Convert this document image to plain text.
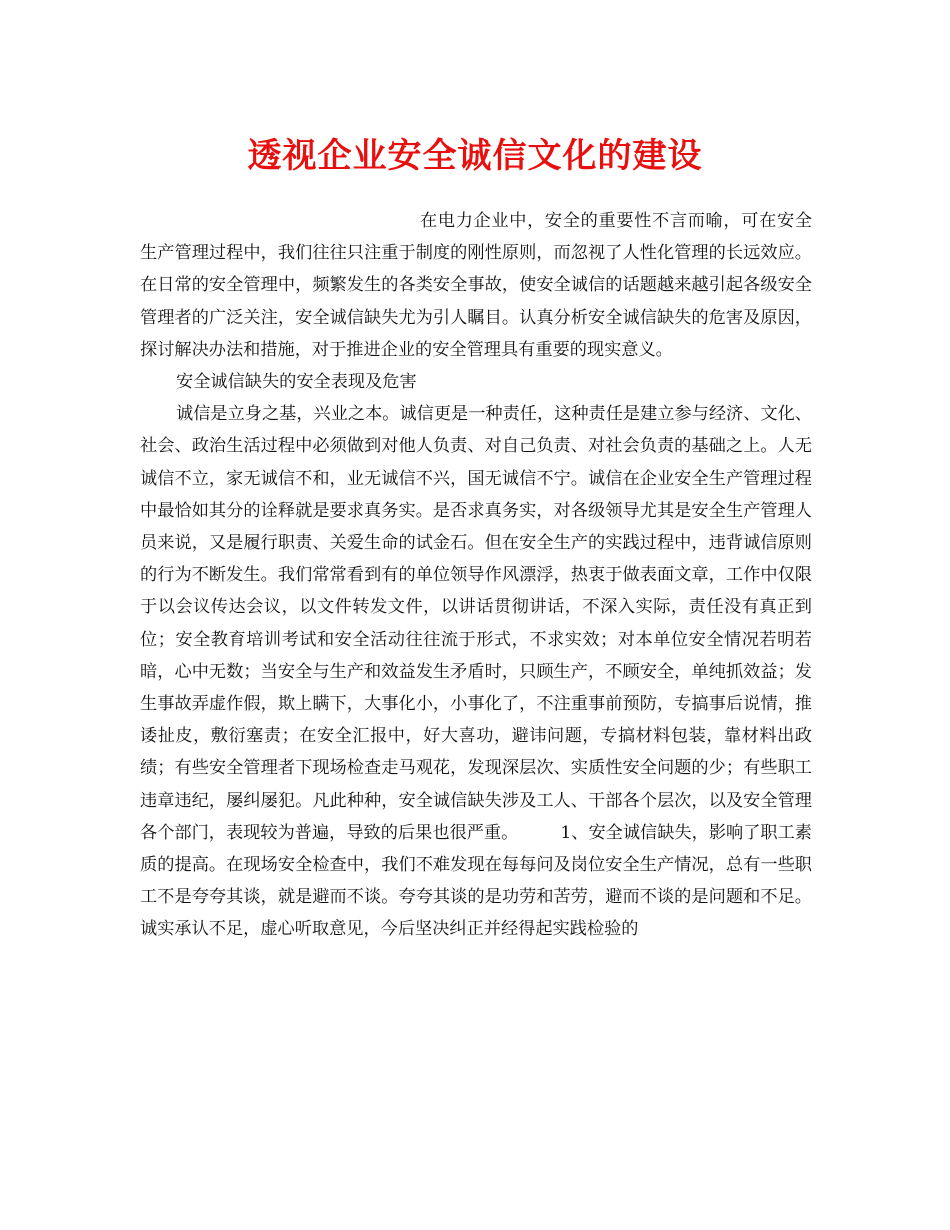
透视企业安全诚信文化的建设

在电力企业中，安全的重要性不言而喻，可在安全生产管理过程中，我们往往只注重于制度的刚性原则，而忽视了人性化管理的长远效应。在日常的安全管理中，频繁发生的各类安全事故，使安全诚信的话题越来越引起各级安全管理者的广泛关注，安全诚信缺失尤为引人瞩目。认真分析安全诚信缺失的危害及原因，探讨解决办法和措施，对于推进企业的安全管理具有重要的现实意义。

安全诚信缺失的安全表现及危害

诚信是立身之基，兴业之本。诚信更是一种责任，这种责任是建立参与经济、文化、社会、政治生活过程中必须做到对他人负责、对自己负责、对社会负责的基础之上。人无诚信不立，家无诚信不和，业无诚信不兴，国无诚信不宁。诚信在企业安全生产管理过程中最恰如其分的诠释就是要求真务实。是否求真务实，对各级领导尤其是安全生产管理人员来说，又是履行职责、关爱生命的试金石。但在安全生产的实践过程中，违背诚信原则的行为不断发生。我们常常看到有的单位领导作风漂浮，热衷于做表面文章，工作中仅限于以会议传达会议，以文件转发文件，以讲话贯彻讲话，不深入实际，责任没有真正到位；安全教育培训考试和安全活动往往流于形式，不求实效；对本单位安全情况若明若暗，心中无数；当安全与生产和效益发生矛盾时，只顾生产，不顾安全，单纯抓效益；发生事故弄虚作假，欺上瞒下，大事化小，小事化了，不注重事前预防，专搞事后说情，推诿扯皮，敷衍塞责；在安全汇报中，好大喜功，避讳问题，专搞材料包装，靠材料出政绩；有些安全管理者下现场检查走马观花，发现深层次、实质性安全问题的少；有些职工违章违纪，屡纠屡犯。凡此种种，安全诚信缺失涉及工人、干部各个层次，以及安全管理各个部门，表现较为普遍，导致的后果也很严重。 1、安全诚信缺失，影响了职工素质的提高。在现场安全检查中，我们不难发现在每每问及岗位安全生产情况，总有一些职工不是夸夸其谈，就是避而不谈。夸夸其谈的是功劳和苦劳，避而不谈的是问题和不足。诚实承认不足，虚心听取意见，今后坚决纠正并经得起实践检验的
